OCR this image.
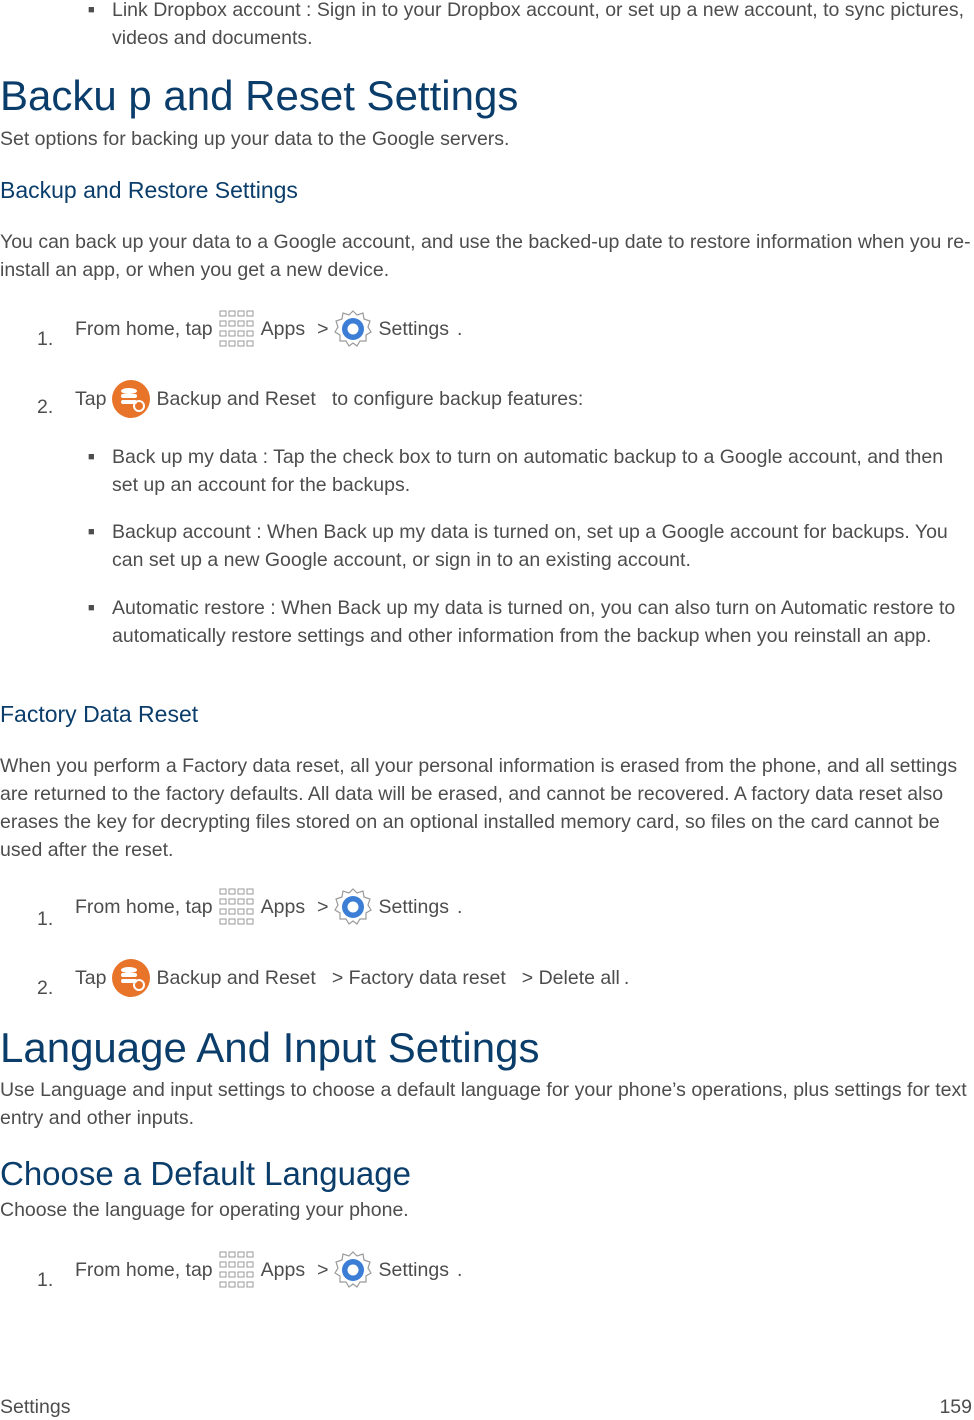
■ Link Dropbox account : Sign in to your Dropbox account, or set up a new account, to sync pictures, videos and documents.
Backu p and Reset Settings
Set options for backing up your data to the Google servers.
Backup and Restore Settings
You can back up your data to a Google account, and use the backed-up date to restore information when you re-install an app, or when you get a new device.
1. From home, tap Apps >	Settings .
2. Tap	Backup and Reset to configure backup features:
■ Back up my data : Tap the check box to turn on automatic backup to a Google account, and then set up an account for the backups.
■ Backup account : When Back up my data is turned on, set up a Google account for backups. You can set up a new Google account, or sign in to an existing account.
■ Automatic restore : When Back up my data is turned on, you can also turn on Automatic restore to automatically restore settings and other information from the backup when you reinstall an app.
Factory Data Reset
When you perform a Factory data reset, all your personal information is erased from the phone, and all settings are returned to the factory defaults. All data will be erased, and cannot be recovered. A factory data reset also erases the key for decrypting files stored on an optional installed memory card, so files on the card cannot be used after the reset.
1.
From home, tap Apps >	Settings .
2. Tap	Backup and Reset > Factory data reset > Delete all .
Language And Input Settings
Use Language and input settings to choose a default language for your phone’s operations, plus settings for text entry and other inputs.
Choose a Default Language
Choose the language for operating your phone.
1. From home, tap Apps >	Settings .
Settings	159
